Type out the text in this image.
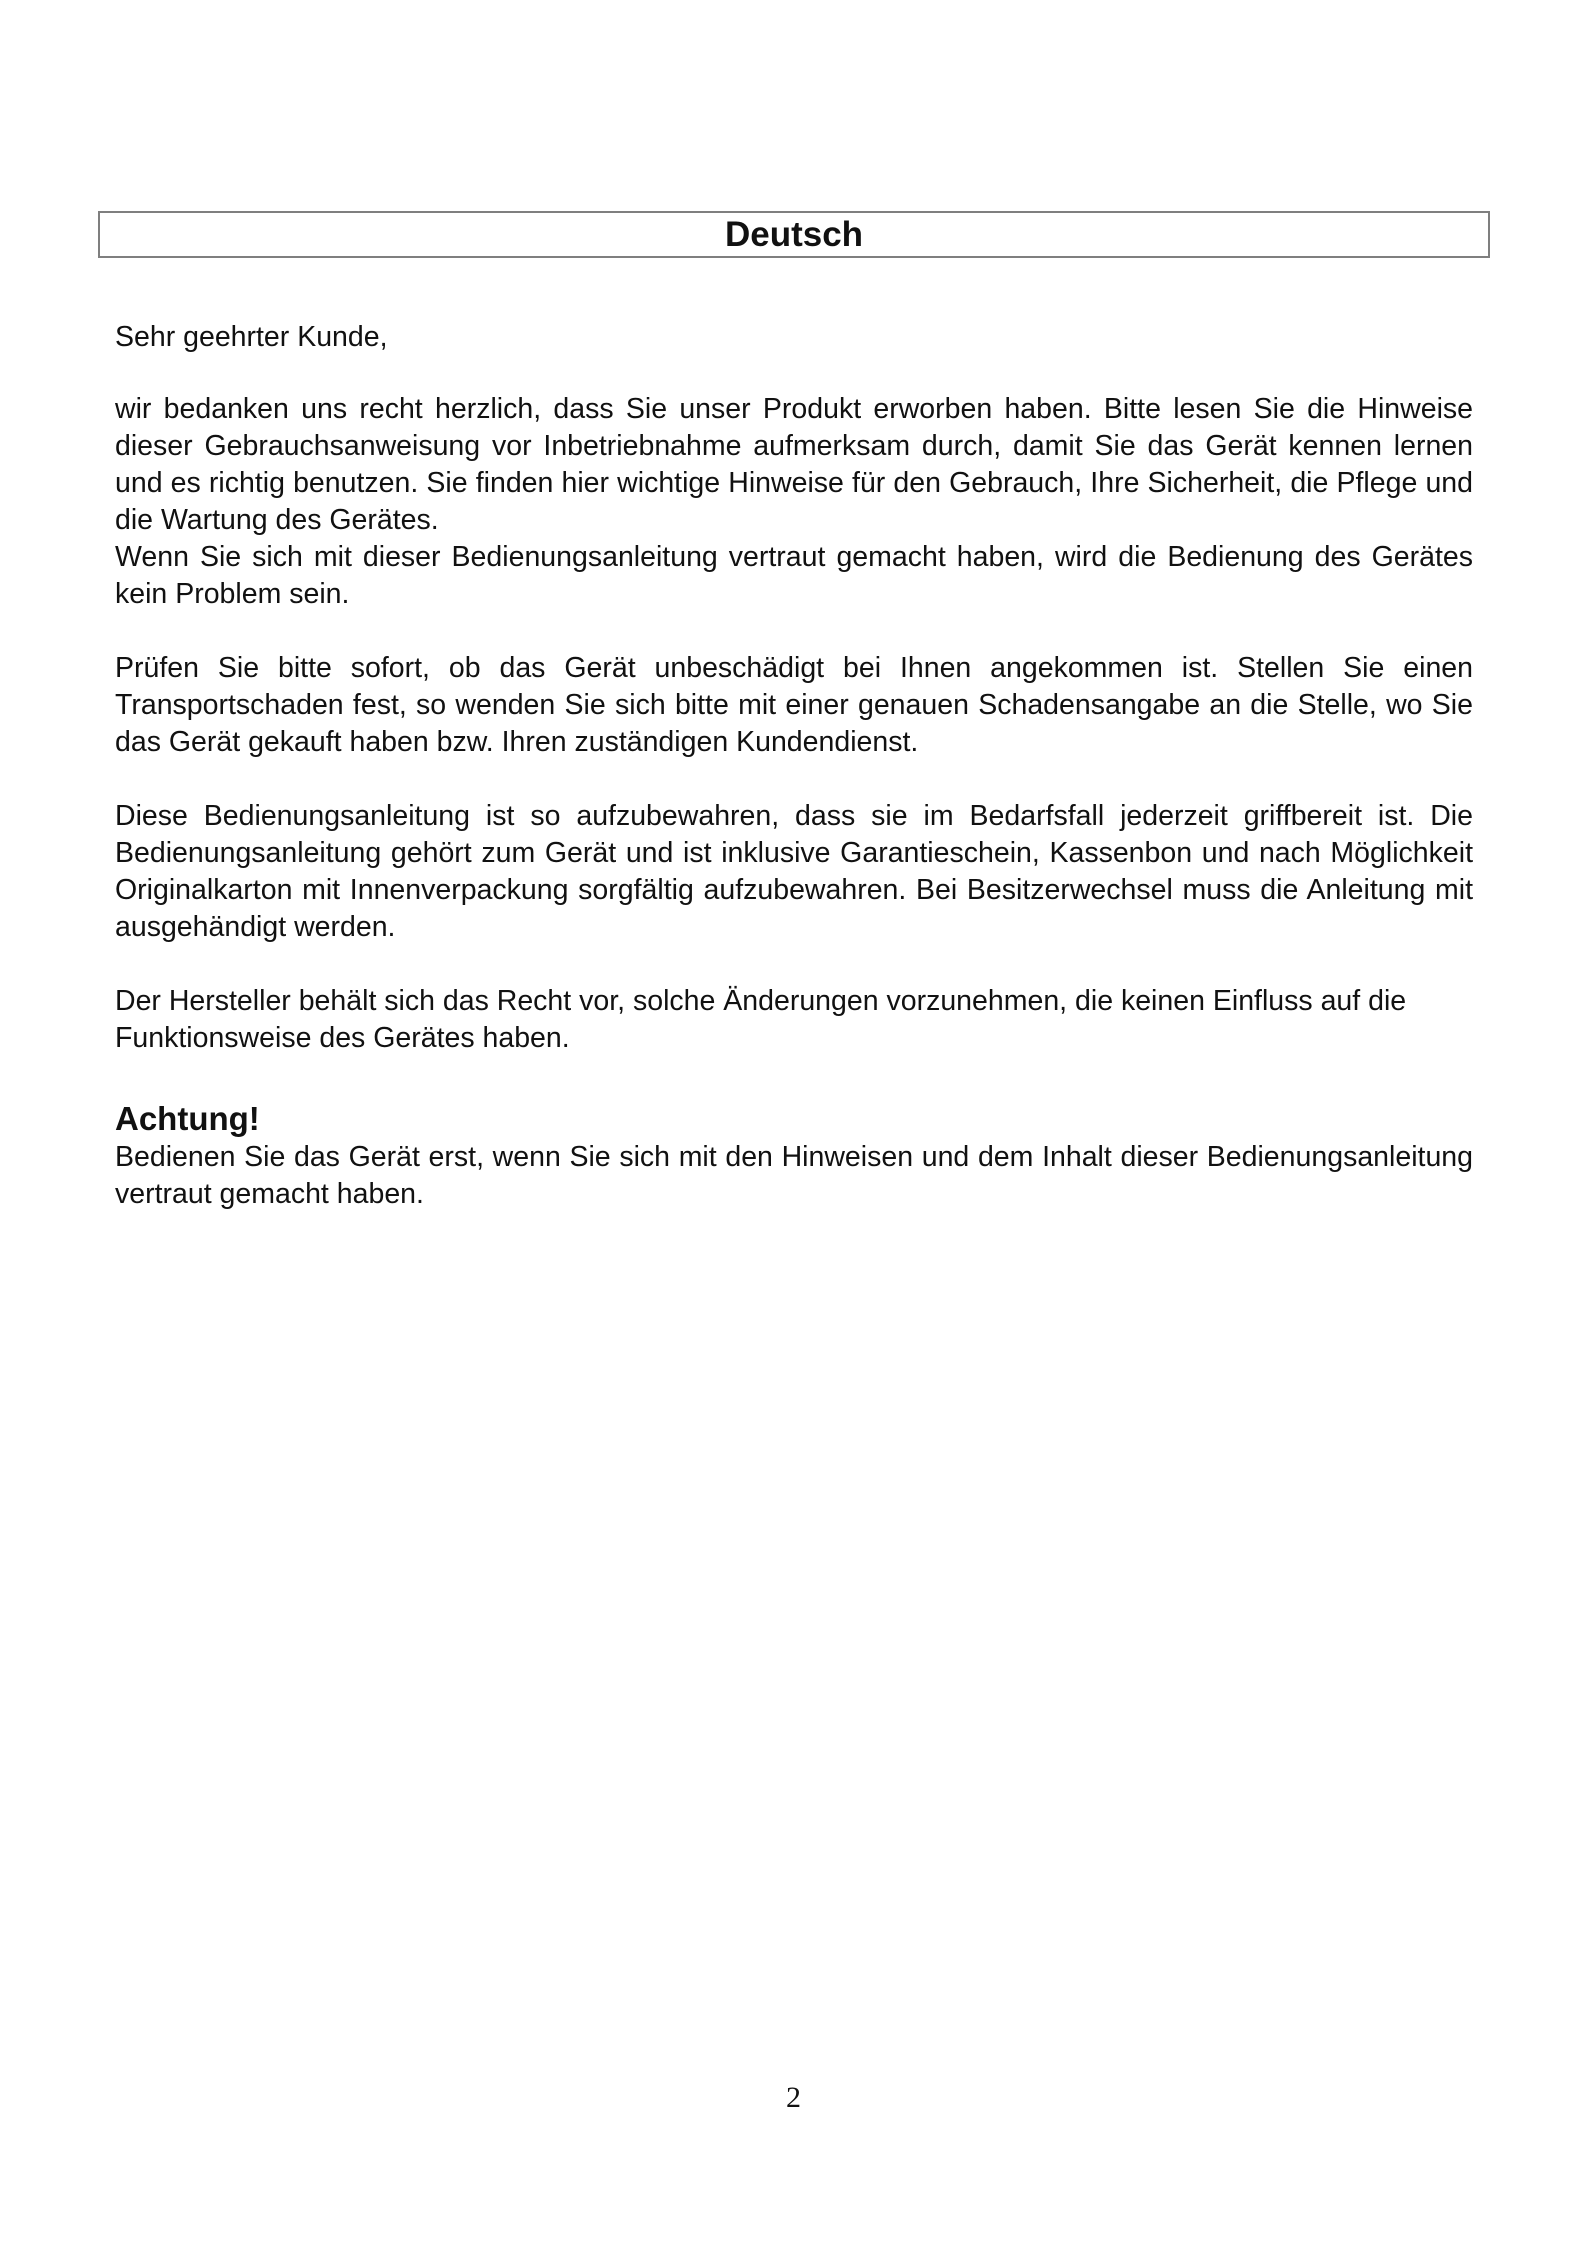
Deutsch

Sehr geehrter Kunde,

wir bedanken uns recht herzlich, dass Sie unser Produkt erworben haben. Bitte lesen Sie die Hinweise dieser Gebrauchsanweisung vor Inbetriebnahme aufmerksam durch, damit Sie das Gerät kennen lernen und es richtig benutzen. Sie finden hier wichtige Hinweise für den Gebrauch, Ihre Sicherheit, die Pflege und die Wartung des Gerätes.

Wenn Sie sich mit dieser Bedienungsanleitung vertraut gemacht haben, wird die Bedienung des Gerätes kein Problem sein.

Prüfen Sie bitte sofort, ob das Gerät unbeschädigt bei Ihnen angekommen ist. Stellen Sie einen Transportschaden fest, so wenden Sie sich bitte mit einer genauen Schadensangabe an die Stelle, wo Sie das Gerät gekauft haben bzw. Ihren zuständigen Kundendienst.

Diese Bedienungsanleitung ist so aufzubewahren, dass sie im Bedarfsfall jederzeit griffbereit ist. Die Bedienungsanleitung gehört zum Gerät und ist inklusive Garantieschein, Kassenbon und nach Möglichkeit Originalkarton mit Innenverpackung sorgfältig aufzubewahren. Bei Besitzerwechsel muss die Anleitung mit ausgehändigt werden.

Der Hersteller behält sich das Recht vor, solche Änderungen vorzunehmen, die keinen Einfluss auf die Funktionsweise des Gerätes haben.

Achtung!

Bedienen Sie das Gerät erst, wenn Sie sich mit den Hinweisen und dem Inhalt dieser Bedienungsanleitung vertraut gemacht haben.

2
